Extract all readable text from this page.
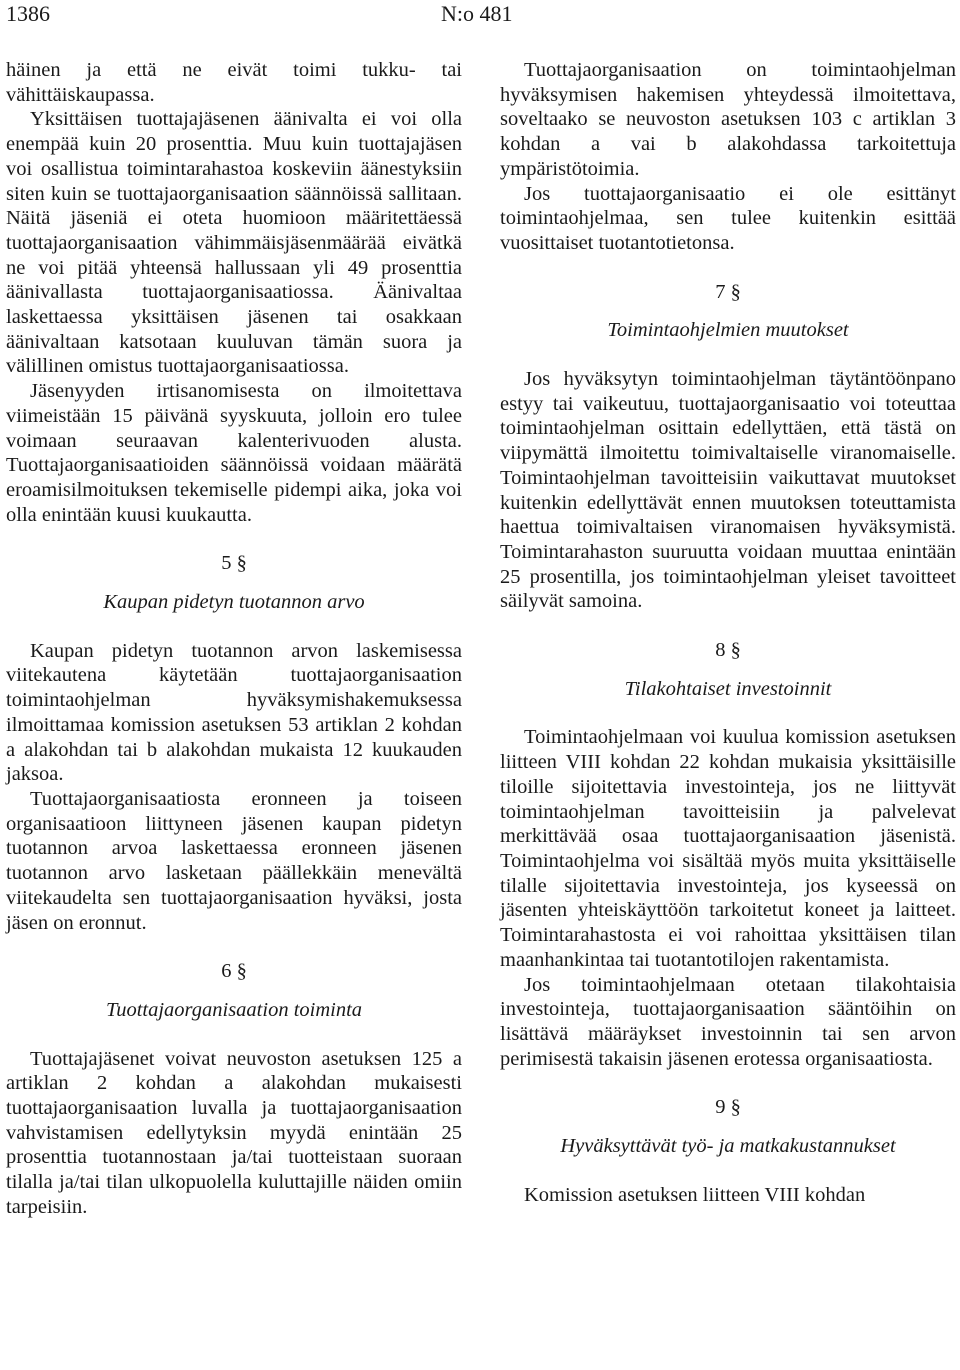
1386	N:o 481

häinen ja että ne eivät toimi tukku- tai vähittäiskaupassa.

Yksittäisen tuottajajäsenen äänivalta ei voi olla enempää kuin 20 prosenttia. Muu kuin tuottajajäsen voi osallistua toimintarahastoa koskeviin äänestyksiin siten kuin se tuottajaorganisaation säännöissä sallitaan. Näitä jäseniä ei oteta huomioon määritettäessä tuottajaorganisaation vähimmäisjäsenmäärää eivätkä ne voi pitää yhteensä hallussaan yli 49 prosenttia äänivallasta tuottajaorganisaatiossa. Äänivaltaa laskettaessa yksittäisen jäsenen tai osakkaan äänivaltaan katsotaan kuuluvan tämän suora ja välillinen omistus tuottajaorganisaatiossa.

Jäsenyyden irtisanomisesta on ilmoitettava viimeistään 15 päivänä syyskuuta, jolloin ero tulee voimaan seuraavan kalenterivuoden alusta. Tuottajaorganisaatioiden säännöissä voidaan määrätä eroamisilmoituksen tekemiselle pidempi aika, joka voi olla enintään kuusi kuukautta.

5 §
Kaupan pidetyn tuotannon arvo

Kaupan pidetyn tuotannon arvon laskemisessa viitekautena käytetään tuottajaorganisaation toimintaohjelman hyväksymishakemuksessa ilmoittamaa komission asetuksen 53 artiklan 2 kohdan a alakohdan tai b alakohdan mukaista 12 kuukauden jaksoa.

Tuottajaorganisaatiosta eronneen ja toiseen organisaatioon liittyneen jäsenen kaupan pidetyn tuotannon arvoa laskettaessa eronneen jäsenen tuotannon arvo lasketaan päällekkäin menevältä viitekaudelta sen tuottajaorganisaation hyväksi, josta jäsen on eronnut.

6 §
Tuottajaorganisaation toiminta

Tuottajajäsenet voivat neuvoston asetuksen 125 a artiklan 2 kohdan a alakohdan mukaisesti tuottajaorganisaation luvalla ja tuottajaorganisaation vahvistamisen edellytyksin myydä enintään 25 prosenttia tuotannostaan ja/tai tuotteistaan suoraan tilalla ja/tai tilan ulkopuolella kuluttajille näiden omiin tarpeisiin.

Tuottajaorganisaation on toimintaohjelman hyväksymisen hakemisen yhteydessä ilmoitettava, soveltaako se neuvoston asetuksen 103 c artiklan 3 kohdan a vai b alakohdassa tarkoitettuja ympäristötoimia.

Jos tuottajaorganisaatio ei ole esittänyt toimintaohjelmaa, sen tulee kuitenkin esittää vuosittaiset tuotantotietonsa.

7 §
Toimintaohjelmien muutokset

Jos hyväksytyn toimintaohjelman täytäntöönpano estyy tai vaikeutuu, tuottajaorganisaatio voi toteuttaa toimintaohjelman osittain edellyttäen, että tästä on viipymättä ilmoitettu toimivaltaiselle viranomaiselle. Toimintaohjelman tavoitteisiin vaikuttavat muutokset kuitenkin edellyttävät ennen muutoksen toteuttamista haettua toimivaltaisen viranomaisen hyväksymistä. Toimintarahaston suuruutta voidaan muuttaa enintään 25 prosentilla, jos toimintaohjelman yleiset tavoitteet säilyvät samoina.

8 §
Tilakohtaiset investoinnit

Toimintaohjelmaan voi kuulua komission asetuksen liitteen VIII kohdan 22 kohdan mukaisia yksittäisille tiloille sijoitettavia investointeja, jos ne liittyvät toimintaohjelman tavoitteisiin ja palvelevat merkittävää osaa tuottajaorganisaation jäsenistä. Toimintaohjelma voi sisältää myös muita yksittäiselle tilalle sijoitettavia investointeja, jos kyseessä on jäsenten yhteiskäyttöön tarkoitetut koneet ja laitteet. Toimintarahastosta ei voi rahoittaa yksittäisen tilan maanhankintaa tai tuotantotilojen rakentamista.

Jos toimintaohjelmaan otetaan tilakohtaisia investointeja, tuottajaorganisaation sääntöihin on lisättävä määräykset investoinnin tai sen arvon perimisestä takaisin jäsenen erotessa organisaatiosta.

9 §
Hyväksyttävät työ- ja matkakustannukset

Komission asetuksen liitteen VIII kohdan
